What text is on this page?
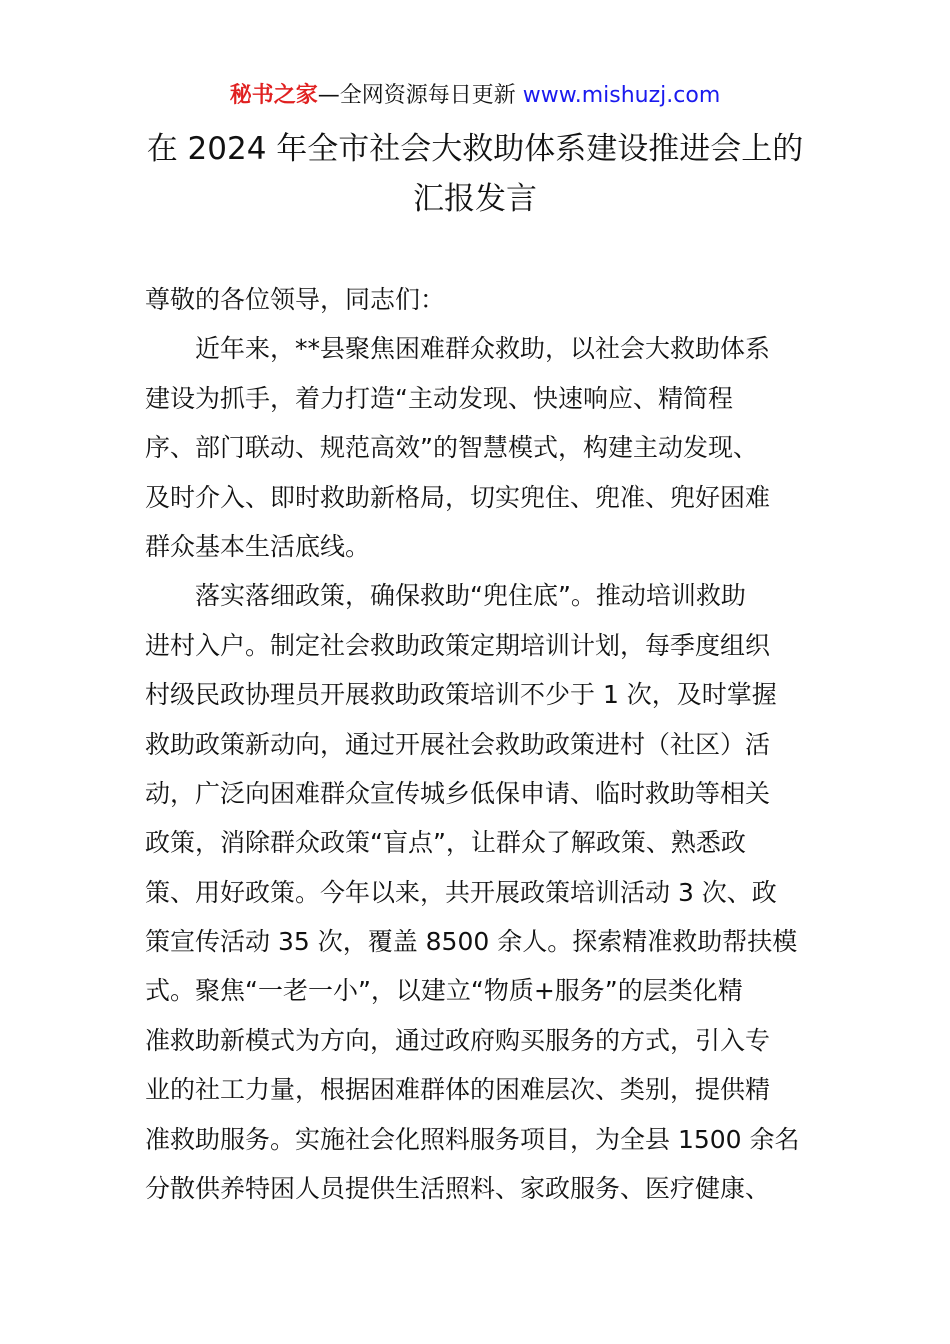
秘书之家—全网资源每日更新 www.mishuzj.com
在 2024 年全市社会大救助体系建设推进会上的
汇报发言
尊敬的各位领导，同志们：
近年来，**县聚焦困难群众救助，以社会大救助体系
建设为抓手，着力打造“主动发现、快速响应、精简程
序、部门联动、规范高效”的智慧模式，构建主动发现、
及时介入、即时救助新格局，切实兜住、兜准、兜好困难
群众基本生活底线。
落实落细政策，确保救助“兜住底”。推动培训救助
进村入户。制定社会救助政策定期培训计划，每季度组织
村级民政协理员开展救助政策培训不少于 1 次，及时掌握
救助政策新动向，通过开展社会救助政策进村（社区）活
动，广泛向困难群众宣传城乡低保申请、临时救助等相关
政策，消除群众政策“盲点”，让群众了解政策、熟悉政
策、用好政策。今年以来，共开展政策培训活动 3 次、政
策宣传活动 35 次，覆盖 8500 余人。探索精准救助帮扶模
式。聚焦“一老一小”，以建立“物质+服务”的层类化精
准救助新模式为方向，通过政府购买服务的方式，引入专
业的社工力量，根据困难群体的困难层次、类别，提供精
准救助服务。实施社会化照料服务项目，为全县 1500 余名
分散供养特困人员提供生活照料、家政服务、医疗健康、
